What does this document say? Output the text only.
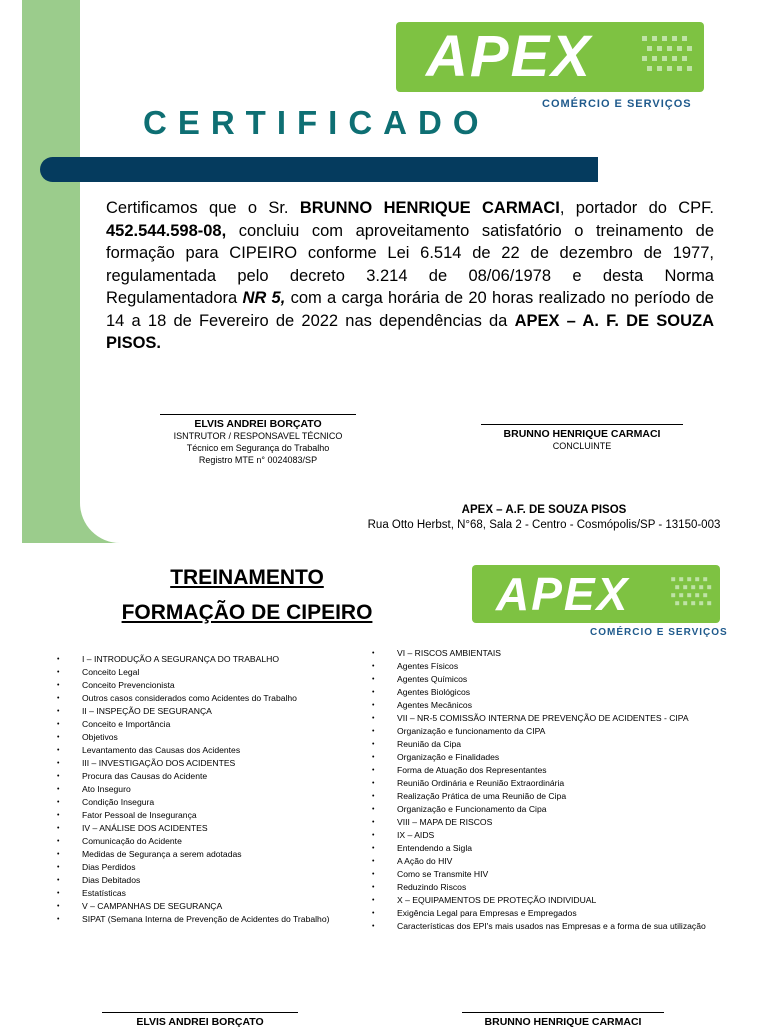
APEX
COMÉRCIO E SERVIÇOS
CERTIFICADO

Certificamos que o Sr. BRUNNO HENRIQUE CARMACI, portador do CPF. 452.544.598-08, concluiu com aproveitamento satisfatório o treinamento de formação para CIPEIRO conforme Lei 6.514 de 22 de dezembro de 1977, regulamentada pelo decreto 3.214 de 08/06/1978 e desta Norma Regulamentadora NR 5, com a carga horária de 20 horas realizado no período de 14 a 18 de Fevereiro de 2022 nas dependências da APEX – A. F. DE SOUZA PISOS.

ELVIS ANDREI BORÇATO
ISNTRUTOR / RESPONSAVEL TÉCNICO
Técnico em Segurança do Trabalho
Registro MTE n° 0024083/SP
BRUNNO HENRIQUE CARMACI
CONCLUINTE
APEX – A.F. DE SOUZA PISOS
Rua Otto Herbst, N°68, Sala 2 - Centro - Cosmópolis/SP - 13150-003
TREINAMENTO
FORMAÇÃO DE CIPEIRO	APEX
COMÉRCIO E SERVIÇOS
• I – INTRODUÇÃO A SEGURANÇA DO TRABALHO
• Conceito Legal
• Conceito Prevencionista
• Outros casos considerados como Acidentes do Trabalho
• II – INSPEÇÃO DE SEGURANÇA
• Conceito e Importância
• Objetivos
• Levantamento das Causas dos Acidentes
• III – INVESTIGAÇÃO DOS ACIDENTES
• Procura das Causas do Acidente
• Ato Inseguro
• Condição Insegura
• Fator Pessoal de Insegurança
• IV – ANÁLISE DOS ACIDENTES
• Comunicação do Acidente
• Medidas de Segurança a serem adotadas
• Dias Perdidos
• Dias Debitados
• Estatísticas
• V – CAMPANHAS DE SEGURANÇA
• SIPAT (Semana Interna de Prevenção de Acidentes do Trabalho)
• VI – RISCOS AMBIENTAIS
• Agentes Físicos
• Agentes Químicos
• Agentes Biológicos
• Agentes Mecânicos
• VII – NR-5 COMISSÃO INTERNA DE PREVENÇÃO DE ACIDENTES - CIPA
• Organização e funcionamento da CIPA
• Reunião da Cipa
• Organização e Finalidades
• Forma de Atuação dos Representantes
• Reunião Ordinária e Reunião Extraordinária
• Realização Prática de uma Reunião de Cipa
• Organização e Funcionamento da Cipa
• VIII – MAPA DE RISCOS
• IX – AIDS
• Entendendo a Sigla
• A Ação do HIV
• Como se Transmite HIV
• Reduzindo Riscos
• X – EQUIPAMENTOS DE PROTEÇÃO INDIVIDUAL
• Exigência Legal para Empresas e Empregados
• Características dos EPI's mais usados nas Empresas e a forma de sua utilização
ELVIS ANDREI BORÇATO	BRUNNO HENRIQUE CARMACI
